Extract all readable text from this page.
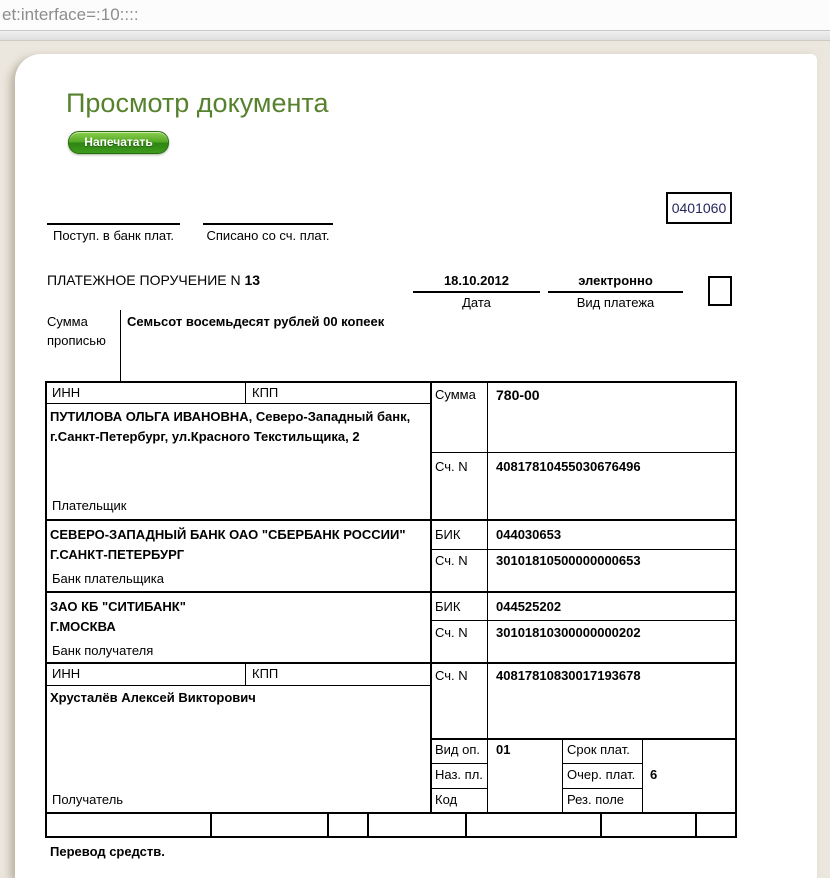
et:interface=:10::::
Просмотр документа
Напечатать
0401060
Поступ. в банк плат.	Списано со сч. плат.
ПЛАТЕЖНОЕ ПОРУЧЕНИЕ N 13	18.10.2012
Дата
электронно
Вид платежа
Сумма прописью
Семьсот восемьдесят рублей 00 копеек
ИНН	КПП
ПУТИЛОВА ОЛЬГА ИВАНОВНА, Северо-Западный банк, г.Санкт-Петербург, ул.Красного Текстильщика, 2
Плательщик
Сумма 780-00
Сч. N 40817810455030676496
СЕВЕРО-ЗАПАДНЫЙ БАНК ОАО "СБЕРБАНК РОССИИ"
Г.САНКТ-ПЕТЕРБУРГ
Банк плательщика
БИК	044030653
Сч. N 30101810500000000653
ЗАО КБ "СИТИБАНК"
Г.МОСКВА
Банк получателя
БИК	044525202
Сч. N 30101810300000000202
ИНН	КПП
Хрусталёв Алексей Викторович
Получатель
Сч. N 40817810830017193678
Вид оп. 01
Наз. пл.
Код
Срок плат.
Очер. плат. 6
Рез. поле
Перевод средств.
